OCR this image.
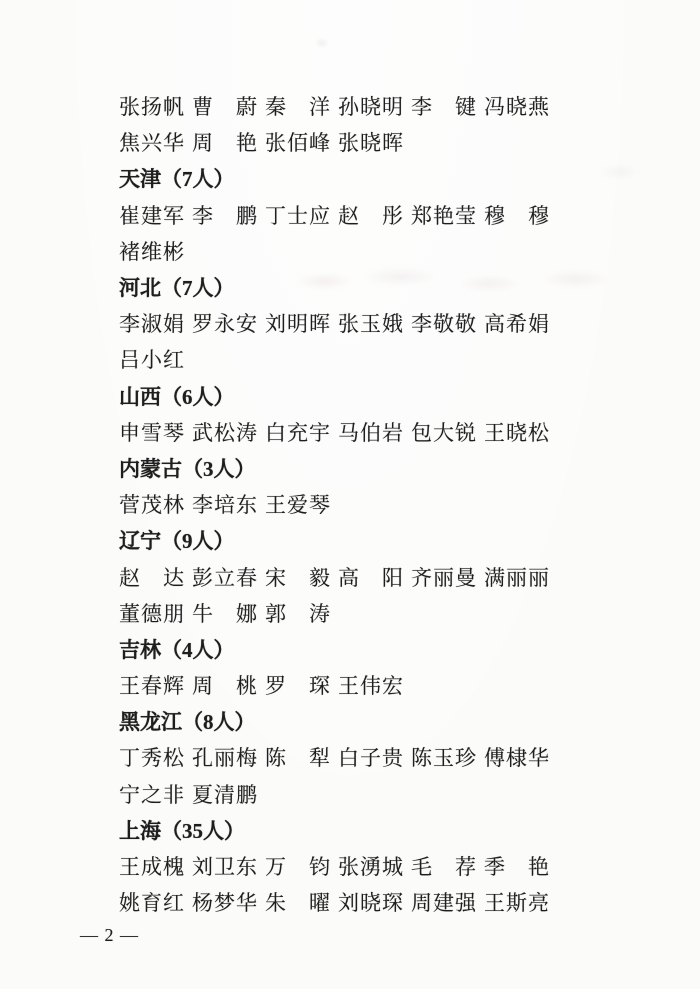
张 扬 帆 曹 蔚 秦 洋 孙 晓 明 李 键 冯 晓 燕
焦 兴 华 周 艳 张 佰 峰 张 晓 晖
天津（7人）
崔 建 军 李 鹏 丁 士 应 赵 彤 郑 艳 莹 穆 穆
褚 维 彬
河北（7人）
李 淑 娟 罗 永 安 刘 明 晖 张 玉 娥 李 敬 敬 高 希 娟
吕 小 红
山西（6人）
申 雪 琴 武 松 涛 白 充 宇 马 伯 岩 包 大 锐 王 晓 松
内蒙古（3人）
菅 茂 林 李 培 东 王 爱 琴
辽宁（9人）
赵 达 彭 立 春 宋 毅 高 阳 齐 丽 曼 满 丽 丽
董 德 朋 牛 娜 郭 涛
吉林（4人）
王 春 辉 周 桃 罗 琛 王 伟 宏
黑龙江（8人）
丁 秀 松 孔 丽 梅 陈 犁 白 子 贵 陈 玉 珍 傅 棣 华
宁 之 非 夏 清 鹏
上海（35人）
王 成 槐 刘 卫 东 万 钧 张 湧 城 毛 荐 季 艳
姚 育 红 杨 梦 华 朱 曜 刘 晓 琛 周 建 强 王 斯 亮
— 2 —
